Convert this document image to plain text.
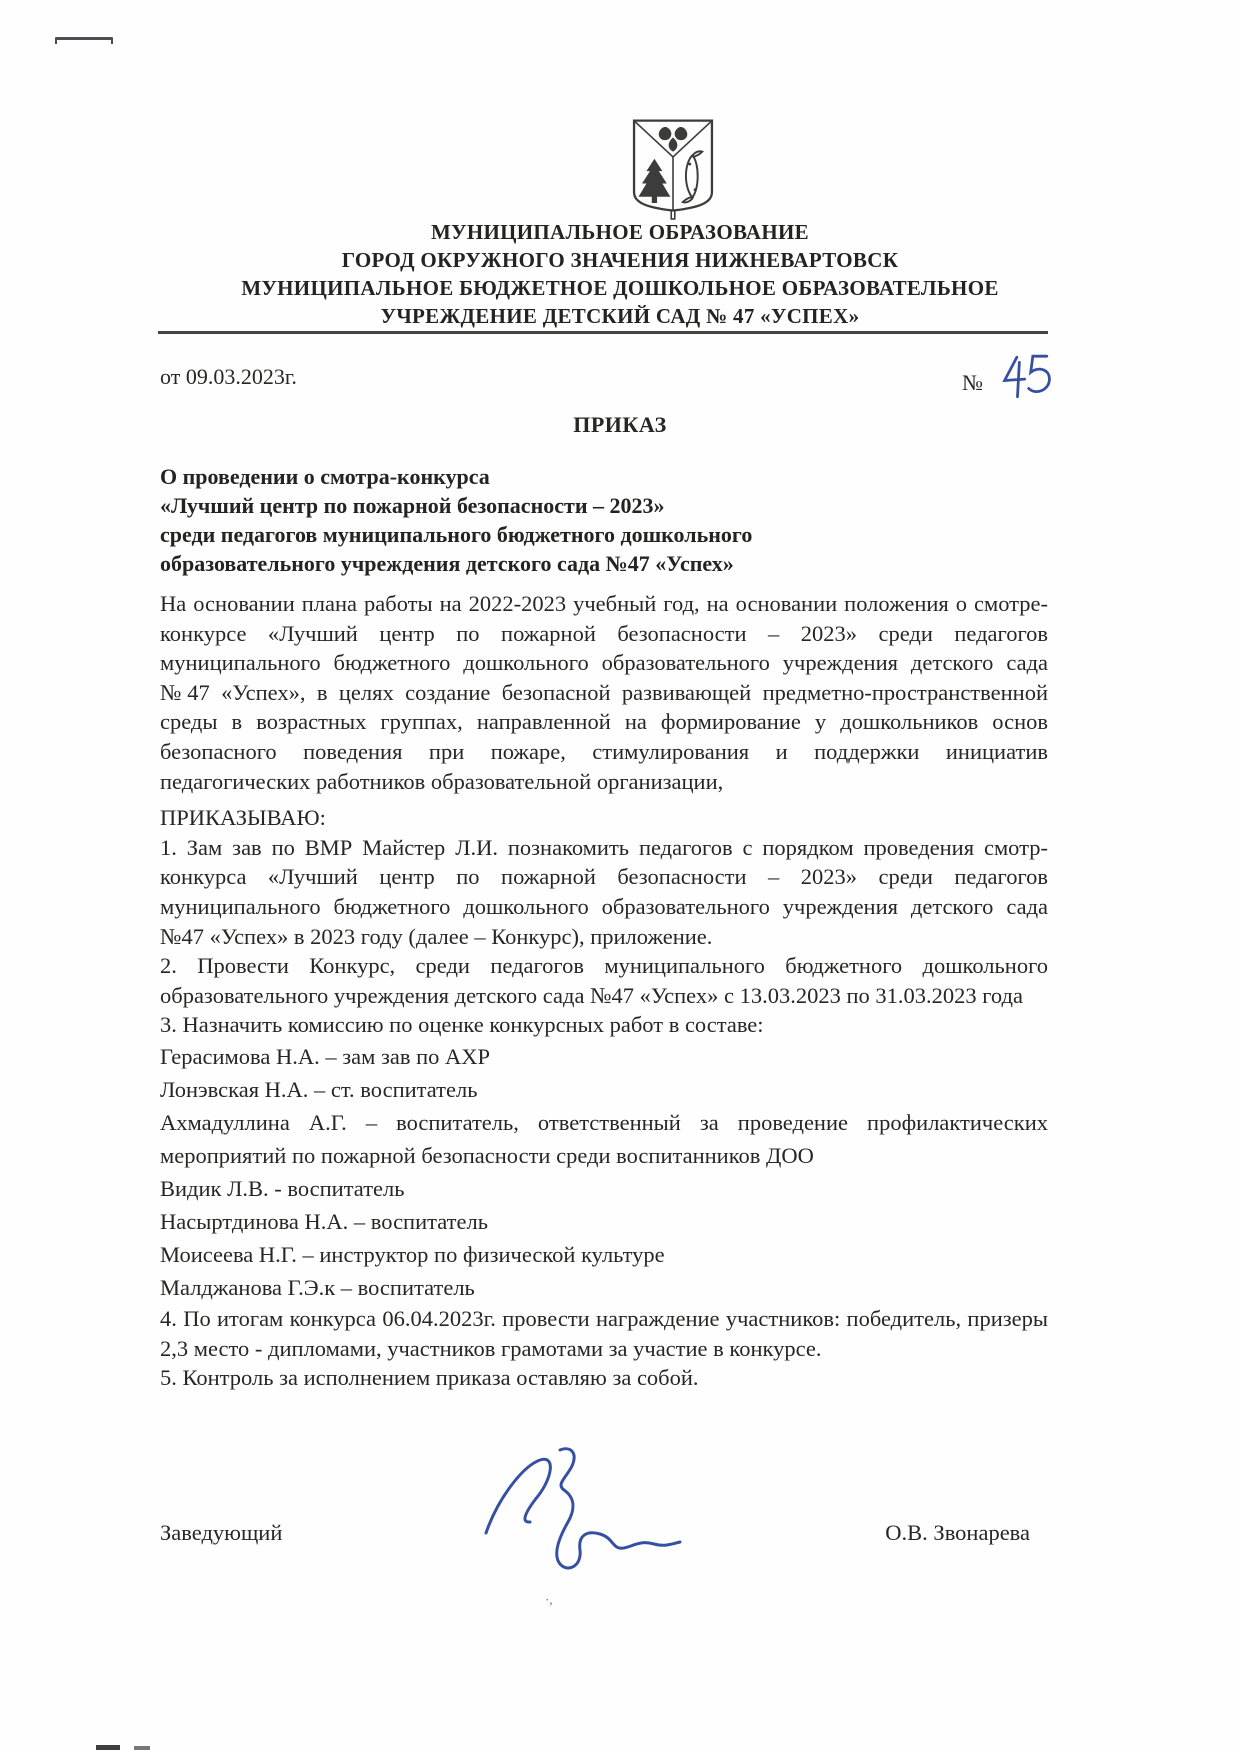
МУНИЦИПАЛЬНОЕ ОБРАЗОВАНИЕ
ГОРОД ОКРУЖНОГО ЗНАЧЕНИЯ НИЖНЕВАРТОВСК
МУНИЦИПАЛЬНОЕ БЮДЖЕТНОЕ ДОШКОЛЬНОЕ ОБРАЗОВАТЕЛЬНОЕ
УЧРЕЖДЕНИЕ ДЕТСКИЙ САД № 47 «УСПЕХ»
от 09.03.2023г.	№
ПРИКАЗ
О проведении о смотра-конкурса
«Лучший центр по пожарной безопасности – 2023»
среди педагогов муниципального бюджетного дошкольного
образовательного учреждения детского сада №47 «Успех»

На основании плана работы на 2022-2023 учебный год, на основании положения о смотре-конкурсе «Лучший центр по пожарной безопасности – 2023» среди педагогов муниципального бюджетного дошкольного образовательного учреждения детского сада №47 «Успех», в целях создание безопасной развивающей предметно-пространственной среды в возрастных группах, направленной на формирование у дошкольников основ безопасного поведения при пожаре, стимулирования и поддержки инициатив педагогических работников образовательной организации,

ПРИКАЗЫВАЮ:

1. Зам зав по ВМР Майстер Л.И. познакомить педагогов с порядком проведения смотр-конкурса «Лучший центр по пожарной безопасности – 2023» среди педагогов муниципального бюджетного дошкольного образовательного учреждения детского сада №47 «Успех» в 2023 году (далее – Конкурс), приложение.

2. Провести Конкурс, среди педагогов муниципального бюджетного дошкольного образовательного учреждения детского сада №47 «Успех» с 13.03.2023 по 31.03.2023 года

3. Назначить комиссию по оценке конкурсных работ в составе:

Герасимова Н.А. – зам зав по АХР

Лонэвская Н.А. – ст. воспитатель

Ахмадуллина А.Г. – воспитатель, ответственный за проведение профилактических мероприятий по пожарной безопасности среди воспитанников ДОО

Видик Л.В. - воспитатель

Насыртдинова Н.А. – воспитатель

Моисеева Н.Г. – инструктор по физической культуре

Малджанова Г.Э.к – воспитатель

4. По итогам конкурса 06.04.2023г. провести награждение участников: победитель, призеры 2,3 место - дипломами, участников грамотами за участие в конкурсе.

5. Контроль за исполнением приказа оставляю за собой.

Заведующий	О.В. Звонарева
·,
